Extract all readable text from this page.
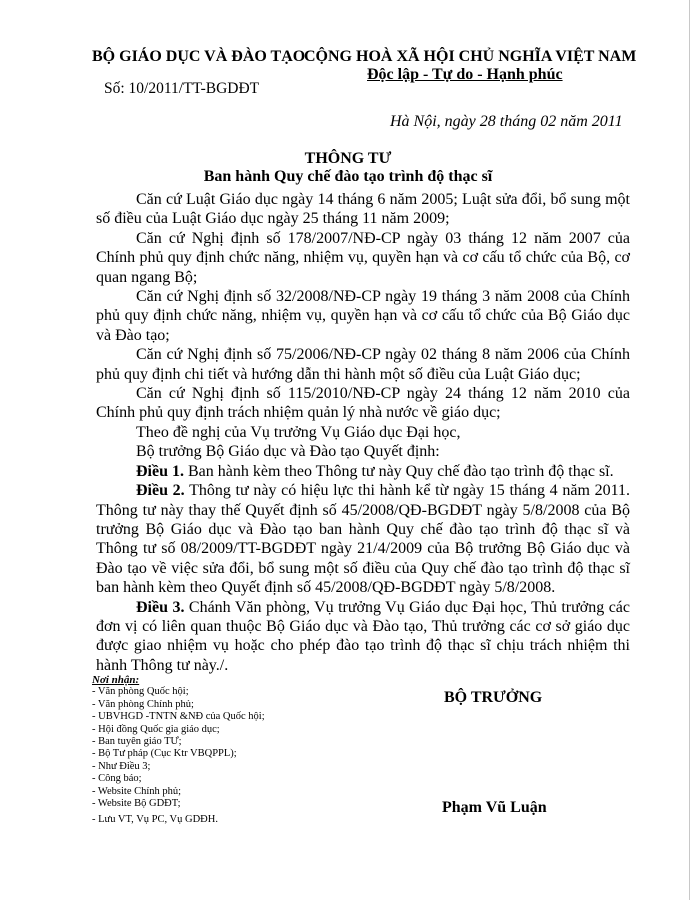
BỘ GIÁO DỤC VÀ ĐÀO TẠO
Số: 10/2011/TT-BGDĐT
CỘNG HOÀ XÃ HỘI CHỦ NGHĨA VIỆT NAM
Độc lập - Tự do - Hạnh phúc
Hà Nội, ngày 28 tháng 02 năm 2011
THÔNG TƯ
Ban hành Quy chế đào tạo trình độ thạc sĩ

Căn cứ Luật Giáo dục ngày 14 tháng 6 năm 2005; Luật sửa đổi, bổ sung một số điều của Luật Giáo dục ngày 25 tháng 11 năm 2009;

Căn cứ Nghị định số 178/2007/NĐ-CP ngày 03 tháng 12 năm 2007 của Chính phủ quy định chức năng, nhiệm vụ, quyền hạn và cơ cấu tổ chức của Bộ, cơ quan ngang Bộ;

Căn cứ Nghị định số 32/2008/NĐ-CP ngày 19 tháng 3 năm 2008 của Chính phủ quy định chức năng, nhiệm vụ, quyền hạn và cơ cấu tổ chức của Bộ Giáo dục và Đào tạo;

Căn cứ Nghị định số 75/2006/NĐ-CP ngày 02 tháng 8 năm 2006 của Chính phủ quy định chi tiết và hướng dẫn thi hành một số điều của Luật Giáo dục;

Căn cứ Nghị định số 115/2010/NĐ-CP ngày 24 tháng 12 năm 2010 của Chính phủ quy định trách nhiệm quản lý nhà nước về giáo dục;

Theo đề nghị của Vụ trưởng Vụ Giáo dục Đại học,

Bộ trưởng Bộ Giáo dục và Đào tạo Quyết định:

Điều 1. Ban hành kèm theo Thông tư này Quy chế đào tạo trình độ thạc sĩ.

Điều 2. Thông tư này có hiệu lực thi hành kể từ ngày 15 tháng 4 năm 2011. Thông tư này thay thế Quyết định số 45/2008/QĐ-BGDĐT ngày 5/8/2008 của Bộ trưởng Bộ Giáo dục và Đào tạo ban hành Quy chế đào tạo trình độ thạc sĩ và Thông tư số 08/2009/TT-BGDĐT ngày 21/4/2009 của Bộ trưởng Bộ Giáo dục và Đào tạo về việc sửa đổi, bổ sung một số điều của Quy chế đào tạo trình độ thạc sĩ ban hành kèm theo Quyết định số 45/2008/QĐ-BGDĐT ngày 5/8/2008.

Điều 3. Chánh Văn phòng, Vụ trưởng Vụ Giáo dục Đại học, Thủ trưởng các đơn vị có liên quan thuộc Bộ Giáo dục và Đào tạo, Thủ trưởng các cơ sở giáo dục được giao nhiệm vụ hoặc cho phép đào tạo trình độ thạc sĩ chịu trách nhiệm thi hành Thông tư này./.

Nơi nhận:
- Văn phòng Quốc hội;
- Văn phòng Chính phủ;
- UBVHGD -TNTN &NĐ của Quốc hội;
- Hội đồng Quốc gia giáo dục;
- Ban tuyên giáo TƯ;
- Bộ Tư pháp (Cục Ktr VBQPPL);
- Như Điều 3;
- Công báo;
- Website Chính phủ;
- Website Bộ GDĐT;
- Lưu VT, Vụ PC, Vụ GDĐH.
BỘ TRƯỞNG
Phạm Vũ Luận
